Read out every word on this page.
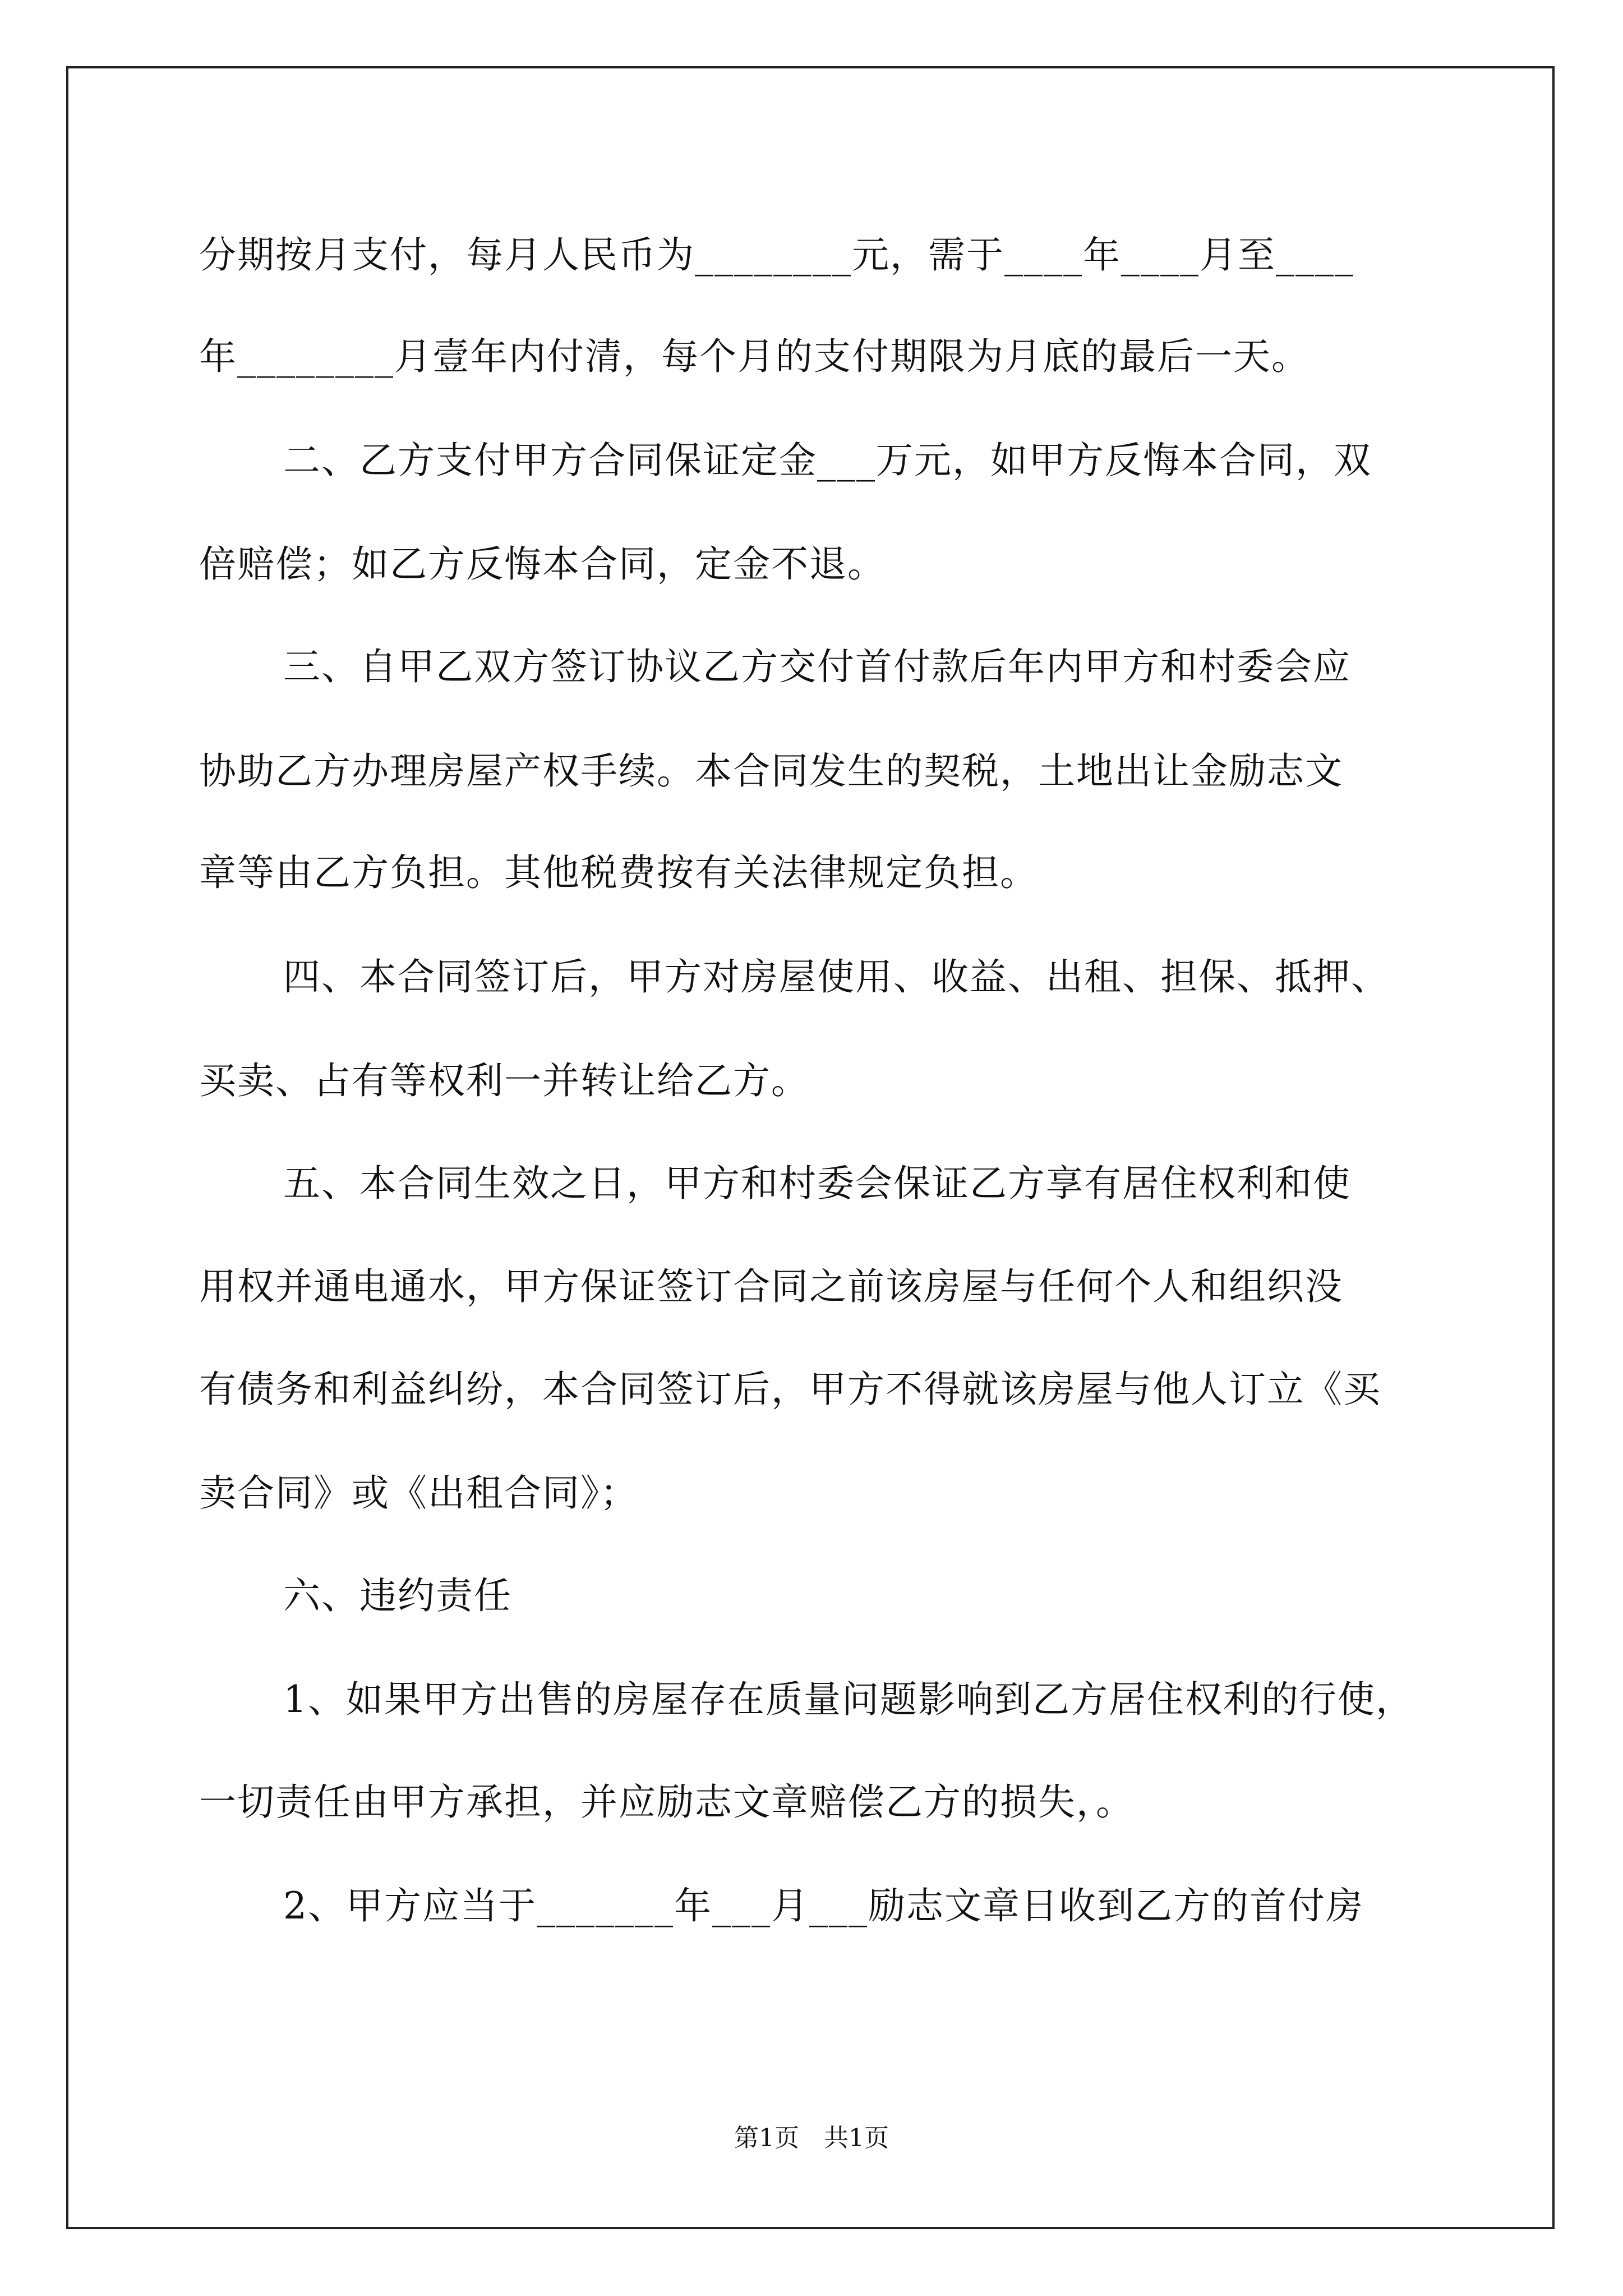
分期按月支付，每月人民币为________元，需于____年____月至____
年________月壹年内付清，每个月的支付期限为月底的最后一天。
二、乙方支付甲方合同保证定金___万元，如甲方反悔本合同，双
倍赔偿；如乙方反悔本合同，定金不退。
三、自甲乙双方签订协议乙方交付首付款后年内甲方和村委会应
协助乙方办理房屋产权手续。本合同发生的契税，土地出让金励志文
章等由乙方负担。其他税费按有关法律规定负担。
四、本合同签订后，甲方对房屋使用、收益、出租、担保、抵押、
买卖、占有等权利一并转让给乙方。
五、本合同生效之日，甲方和村委会保证乙方享有居住权利和使
用权并通电通水，甲方保证签订合同之前该房屋与任何个人和组织没
有债务和利益纠纷，本合同签订后，甲方不得就该房屋与他人订立《买
卖合同》或《出租合同》；
六、违约责任
1、如果甲方出售的房屋存在质量问题影响到乙方居住权利的行使，
一切责任由甲方承担，并应励志文章赔偿乙方的损失，。
2、甲方应当于_______年___月___励志文章日收到乙方的首付房
第1页　共1页
